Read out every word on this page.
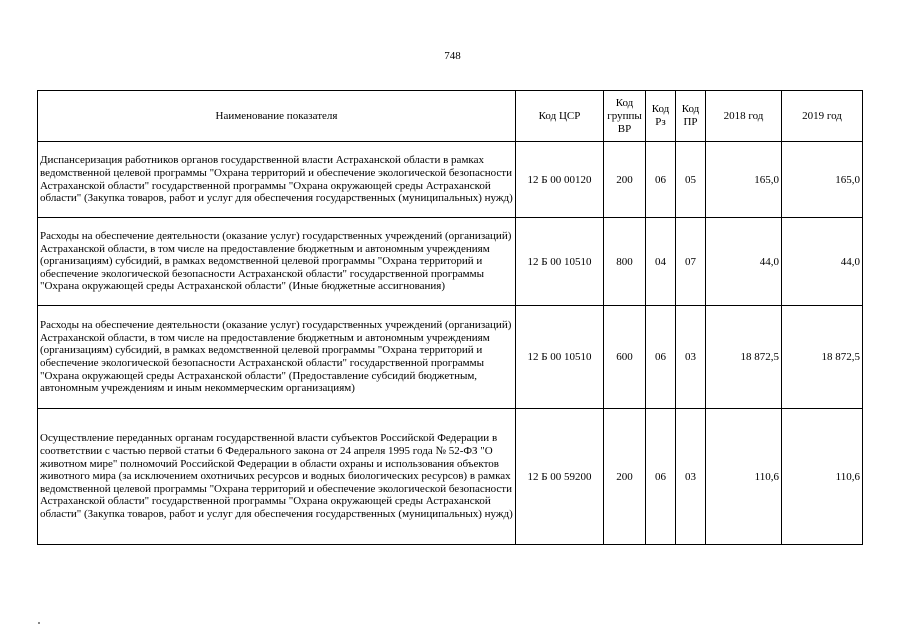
748
Наименование показателя	Код ЦСР	Код группы ВР	Код Рз	Код ПР	2018 год	2019 год
Диспансеризация работников органов государственной власти Астраханской области в рамках ведомственной целевой программы "Охрана территорий и обеспечение экологической безопасности Астраханской области" государственной программы "Охрана окружающей среды Астраханской области" (Закупка товаров, работ и услуг для обеспечения государственных (муниципальных) нужд)	12 Б 00 00120	200	06	05	165,0	165,0
Расходы на обеспечение деятельности (оказание услуг) государственных учреждений (организаций) Астраханской области, в том числе на предоставление бюджетным и автономным учреждениям (организациям) субсидий, в рамках ведомственной целевой программы "Охрана территорий и обеспечение экологической безопасности Астраханской области" государственной программы "Охрана окружающей среды Астраханской области" (Иные бюджетные ассигнования)	12 Б 00 10510	800	04	07	44,0	44,0
Расходы на обеспечение деятельности (оказание услуг) государственных учреждений (организаций) Астраханской области, в том числе на предоставление бюджетным и автономным учреждениям (организациям) субсидий, в рамках ведомственной целевой программы "Охрана территорий и обеспечение экологической безопасности Астраханской области" государственной программы "Охрана окружающей среды Астраханской области" (Предоставление субсидий бюджетным, автономным учреждениям и иным некоммерческим организациям)	12 Б 00 10510	600	06	03	18 872,5	18 872,5
Осуществление переданных органам государственной власти субъектов Российской Федерации в соответствии с частью первой статьи 6 Федерального закона от 24 апреля 1995 года № 52-ФЗ "О животном мире" полномочий Российской Федерации в области охраны и использования объектов животного мира (за исключением охотничьих ресурсов и водных биологических ресурсов) в рамках ведомственной целевой программы "Охрана территорий и обеспечение экологической безопасности Астраханской области" государственной программы "Охрана окружающей среды Астраханской области" (Закупка товаров, работ и услуг для обеспечения государственных (муниципальных) нужд)	12 Б 00 59200	200	06	03	110,6	110,6
